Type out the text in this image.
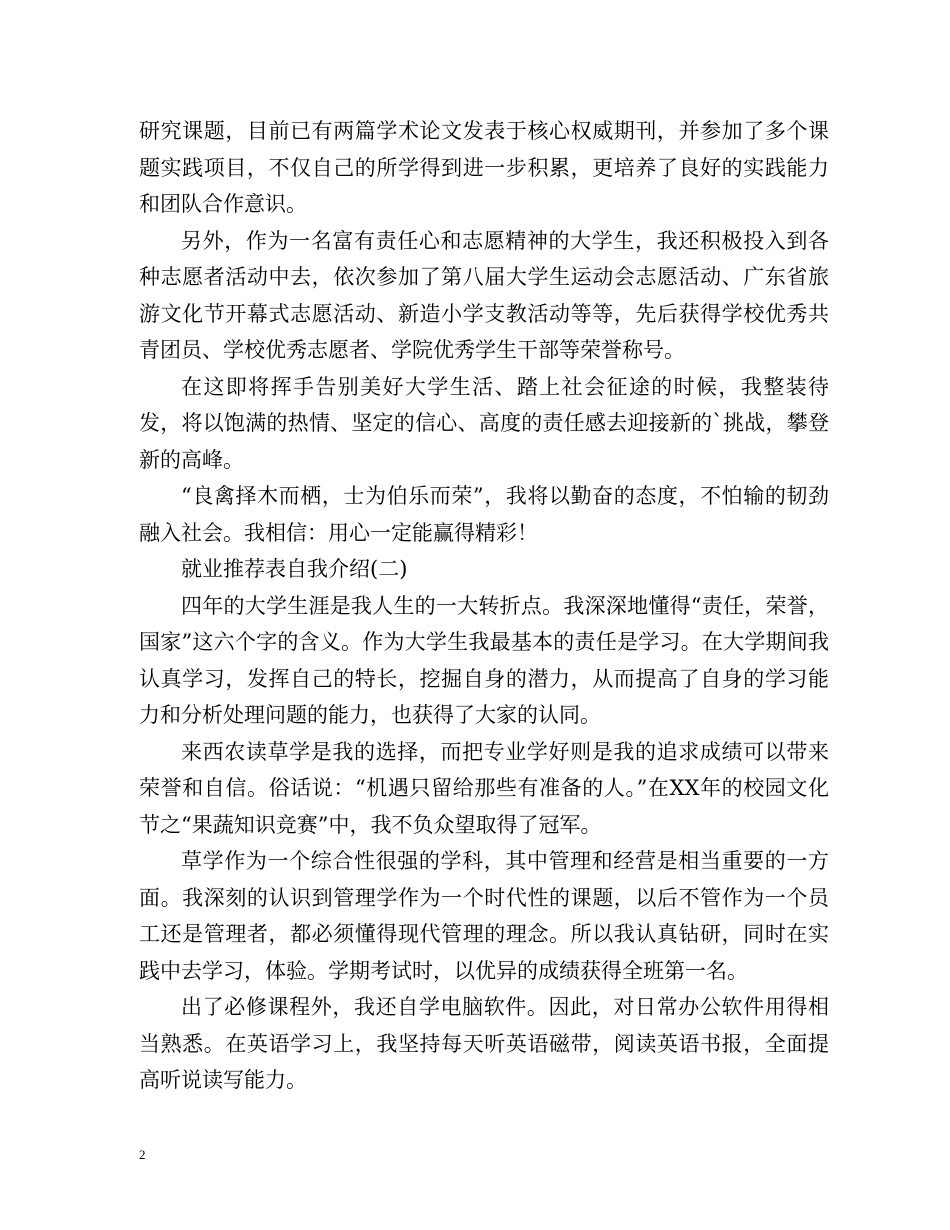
研究课题，目前已有两篇学术论文发表于核心权威期刊，并参加了多个课题实践项目，不仅自己的所学得到进一步积累，更培养了良好的实践能力和团队合作意识。

另外，作为一名富有责任心和志愿精神的大学生，我还积极投入到各种志愿者活动中去，依次参加了第八届大学生运动会志愿活动、广东省旅游文化节开幕式志愿活动、新造小学支教活动等等，先后获得学校优秀共青团员、学校优秀志愿者、学院优秀学生干部等荣誉称号。

在这即将挥手告别美好大学生活、踏上社会征途的时候，我整装待发，将以饱满的热情、坚定的信心、高度的责任感去迎接新的`挑战，攀登新的高峰。

“良禽择木而栖，士为伯乐而荣”，我将以勤奋的态度，不怕输的韧劲融入社会。我相信：用心一定能赢得精彩！

就业推荐表自我介绍(二)

四年的大学生涯是我人生的一大转折点。我深深地懂得“责任，荣誉，国家”这六个字的含义。作为大学生我最基本的责任是学习。在大学期间我认真学习，发挥自己的特长，挖掘自身的潜力，从而提高了自身的学习能力和分析处理问题的能力，也获得了大家的认同。

来西农读草学是我的选择，而把专业学好则是我的追求成绩可以带来荣誉和自信。俗话说：“机遇只留给那些有准备的人。”在XX年的校园文化节之“果蔬知识竞赛”中，我不负众望取得了冠军。

草学作为一个综合性很强的学科，其中管理和经营是相当重要的一方面。我深刻的认识到管理学作为一个时代性的课题，以后不管作为一个员工还是管理者，都必须懂得现代管理的理念。所以我认真钻研，同时在实践中去学习，体验。学期考试时，以优异的成绩获得全班第一名。

出了必修课程外，我还自学电脑软件。因此，对日常办公软件用得相当熟悉。在英语学习上，我坚持每天听英语磁带，阅读英语书报，全面提高听说读写能力。

2
